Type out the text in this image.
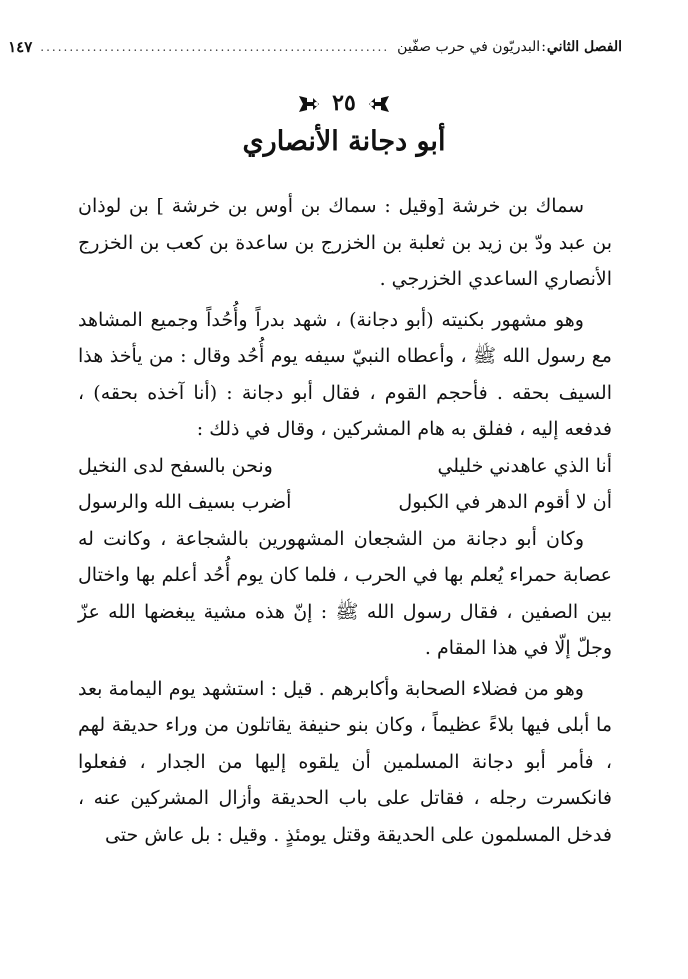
الفصل الثاني
:
البدريّون في حرب صفّين
............................................................
١٤٧
٢٥
أبو دجانة الأنصاري

سماك بن خرشة [وقيل : سماك بن أوس بن خرشة ] بن لوذان بن عبد ودّ بن زيد بن ثعلبة بن الخزرج بن ساعدة بن كعب بن الخزرج الأنصاري الساعدي الخزرجي .

وهو مشهور بكنيته (أبو دجانة) ، شهد بدراً وأُحُداً وجميع المشاهد مع رسول الله ﷺ ، وأعطاه النبيّ سيفه يوم أُحُد وقال : من يأخذ هذا السيف بحقه . فأحجم القوم ، فقال أبو دجانة : (أنا آخذه بحقه) ، فدفعه إليه ، ففلق به هام المشركين ، وقال في ذلك :

أنا الذي عاهدني خليلي
ونحن بالسفح لدى النخيل
أن لا أقوم الدهر في الكبول
أضرب بسيف الله والرسول

وكان أبو دجانة من الشجعان المشهورين بالشجاعة ، وكانت له عصابة حمراء يُعلم بها في الحرب ، فلما كان يوم أُحُد أعلم بها واختال بين الصفين ، فقال رسول الله ﷺ : إنّ هذه مشية يبغضها الله عزّ وجلّ إلّا في هذا المقام .

وهو من فضلاء الصحابة وأكابرهم . قيل : استشهد يوم اليمامة بعد ما أبلى فيها بلاءً عظيماً ، وكان بنو حنيفة يقاتلون من وراء حديقة لهم ، فأمر أبو دجانة المسلمين أن يلقوه إليها من الجدار ، ففعلوا فانكسرت رجله ، فقاتل على باب الحديقة وأزال المشركين عنه ، فدخل المسلمون على الحديقة وقتل يومئذٍ . وقيل : بل عاش حتى
